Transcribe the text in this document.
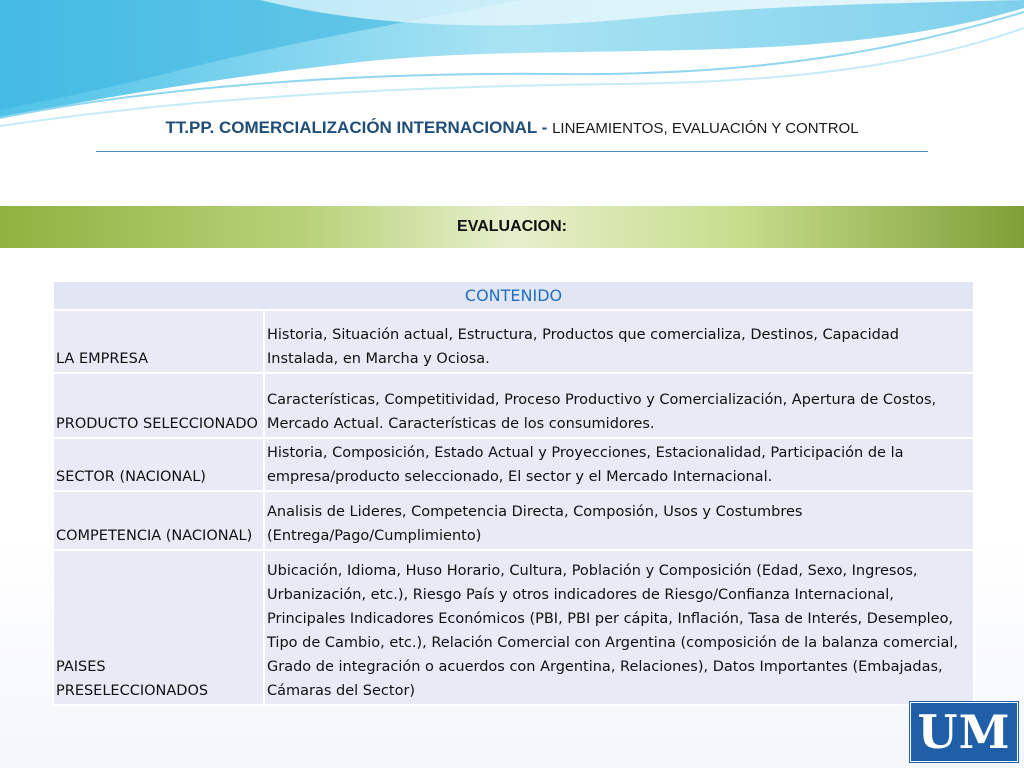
TT.PP. COMERCIALIZACIÓN INTERNACIONAL - LINEAMIENTOS, EVALUACIÓN Y CONTROL
EVALUACION:
CONTENIDO	
LA EMPRESA	Historia, Situación actual, Estructura, Productos que comercializa, Destinos, Capacidad Instalada, en Marcha y Ociosa.
PRODUCTO SELECCIONADO	Características, Competitividad, Proceso Productivo y Comercialización, Apertura de Costos, Mercado Actual. Características de los consumidores.
SECTOR (NACIONAL)	Historia, Composición, Estado Actual y Proyecciones, Estacionalidad, Participación de la empresa/producto seleccionado, El sector y el Mercado Internacional.
COMPETENCIA (NACIONAL)	Analisis de Lideres, Competencia Directa, Composión, Usos y Costumbres (Entrega/Pago/Cumplimiento)
PAISES PRESELECCIONADOS	Ubicación, Idioma, Huso Horario, Cultura, Población y Composición (Edad, Sexo, Ingresos, Urbanización, etc.), Riesgo País y otros indicadores de Riesgo/Confianza Internacional, Principales Indicadores Económicos (PBI, PBI per cápita, Inflación, Tasa de Interés, Desempleo, Tipo de Cambio, etc.), Relación Comercial con Argentina (composición de la balanza comercial, Grado de integración o acuerdos con Argentina, Relaciones), Datos Importantes (Embajadas, Cámaras del Sector)
UM
